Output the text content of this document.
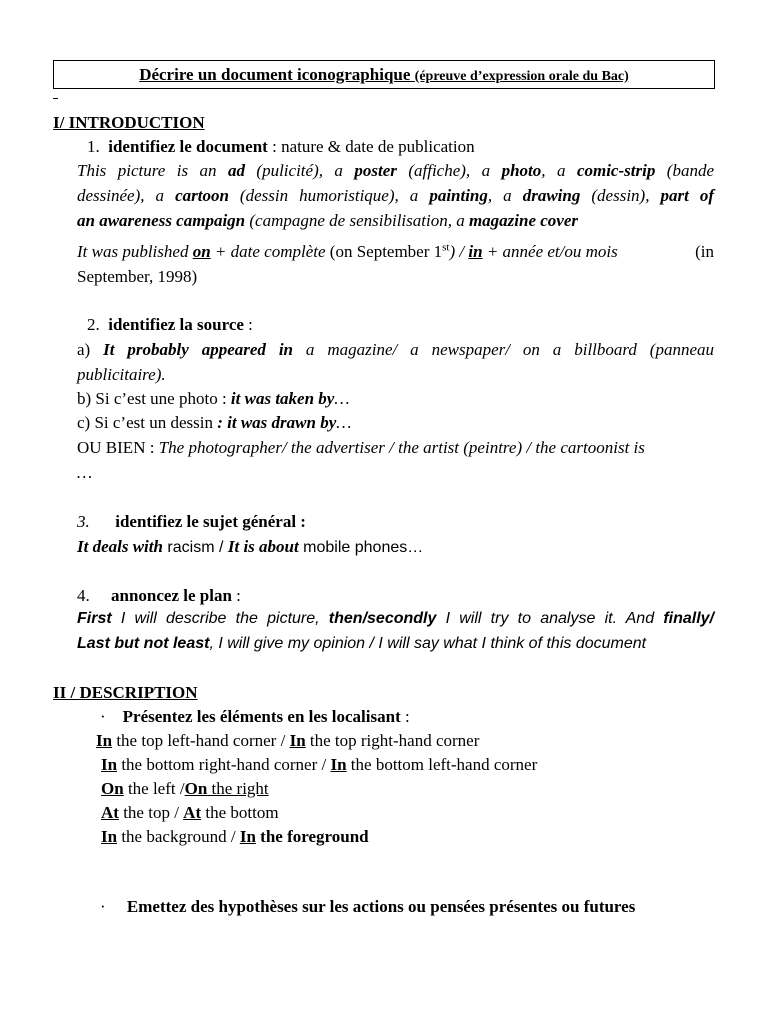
Décrire un document iconographique (épreuve d’expression orale du Bac)
I/ INTRODUCTION
1. identifiez le document : nature & date de publication
This picture is an ad (pulicité), a poster (affiche), a photo, a comic-strip (bande
dessinée), a cartoon (dessin humoristique), a painting, a drawing (dessin), part of
an awareness campaign (campagne de sensibilisation, a magazine cover
It was published on + date complète (on September 1st) / in + année et/ou mois	(in
September, 1998)
2. identifiez la source :
a) It probably appeared in a magazine/ a newspaper/ on a billboard (panneau
publicitaire).
b) Si c’est une photo : it was taken by…
c) Si c’est un dessin : it was drawn by…
OU BIEN : The photographer/ the advertiser / the artist (peintre) / the cartoonist is
…
3. identifiez le sujet général :
It deals with racism / It is about mobile phones…
4. annoncez le plan :
First I will describe the picture, then/secondly I will try to analyse it. And finally/
Last but not least, I will give my opinion / I will say what I think of this document
II / DESCRIPTION
· Présentez les éléments en les localisant :
In the top left-hand corner / In the top right-hand corner
In the bottom right-hand corner / In the bottom left-hand corner
On the left /On the right
At the top / At the bottom
In the background / In the foreground
· Emettez des hypothèses sur les actions ou pensées présentes ou futures
